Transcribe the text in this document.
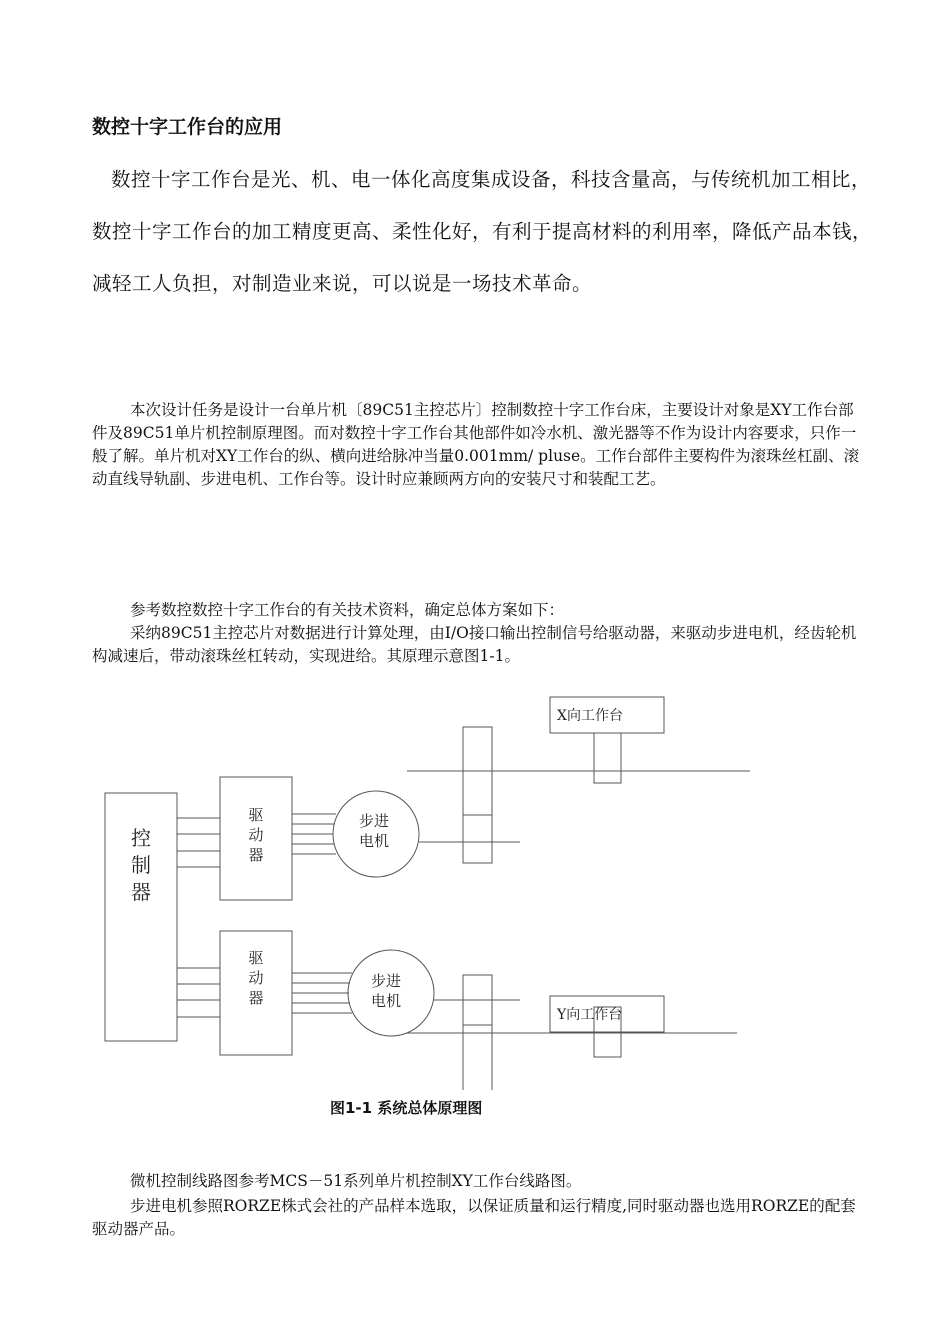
数控十字工作台的应用

数控十字工作台是光、机、电一体化高度集成设备，科技含量高，与传统机加工相比，数控十字工作台的加工精度更高、柔性化好，有利于提高材料的利用率，降低产品本钱，减轻工人负担，对制造业来说，可以说是一场技术革命。

本次设计任务是设计一台单片机〔89C51主控芯片〕控制数控十字工作台床，主要设计对象是XY工作台部件及89C51单片机控制原理图。而对数控十字工作台其他部件如冷水机、激光器等不作为设计内容要求，只作一般了解。单片机对XY工作台的纵、横向进给脉冲当量0.001mm/ pluse。工作台部件主要构件为滚珠丝杠副、滚动直线导轨副、步进电机、工作台等。设计时应兼顾两方向的安装尺寸和装配工艺。

参考数控数控十字工作台的有关技术资料，确定总体方案如下：

采纳89C51主控芯片对数据进行计算处理，由I/O接口输出控制信号给驱动器，来驱动步进电机，经齿轮机构减速后，带动滚珠丝杠转动，实现进给。其原理示意图1-1。

控
制
器
驱
动
器
步进
电机
X向工作台
驱
动
器
步进
电机
Y向工作台

图1-1 系统总体原理图

微机控制线路图参考MCS－51系列单片机控制XY工作台线路图。

步进电机参照RORZE株式会社的产品样本选取，以保证质量和运行精度,同时驱动器也选用RORZE的配套驱动器产品。
